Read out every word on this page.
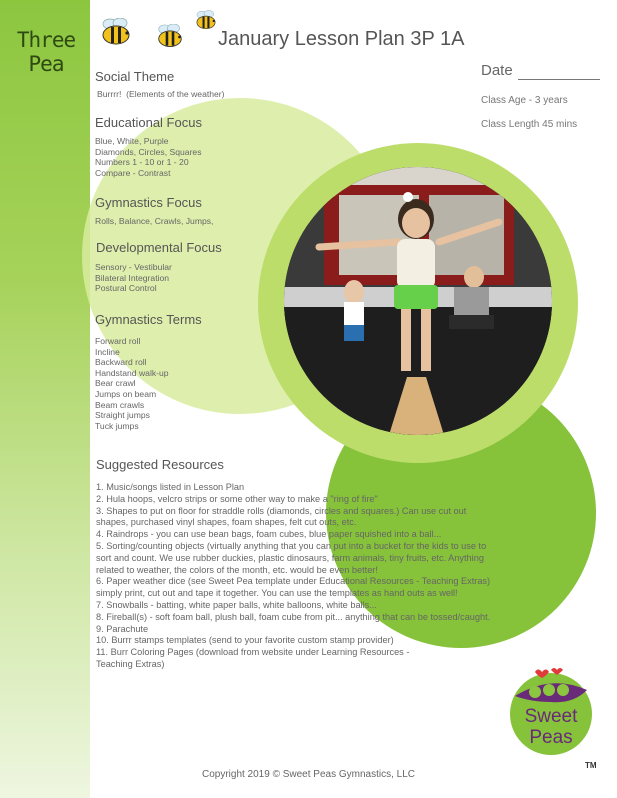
Three
Pea
January Lesson Plan 3P 1A
Date
Class Age - 3 years
Class Length 45 mins
Social Theme
Burrrr!  (Elements of the weather)
Educational Focus
Blue, White, Purple
Diamonds, Circles, Squares
Numbers 1 - 10 or 1 - 20
Compare - Contrast
Gymnastics Focus
Rolls, Balance, Crawls, Jumps,
Developmental Focus
Sensory - Vestibular
Bilateral Integration
Postural Control
Gymnastics Terms
Forward roll
Incline
Backward roll
Handstand walk-up
Bear crawl
Jumps on beam
Beam crawls
Straight jumps
Tuck jumps
Suggested Resources
1. Music/songs listed in Lesson Plan
2. Hula hoops, velcro strips or some other way to make a "ring of fire"
3. Shapes to put on floor for straddle rolls (diamonds, circles and squares.) Can use cut out
shapes, purchased vinyl shapes, foam shapes, felt cut outs, etc.
4. Raindrops - you can use bean bags, foam cubes, blue paper squished into a ball...
5. Sorting/counting objects (virtually anything that you can put into a bucket for the kids to use to
sort and count. We use rubber duckies, plastic dinosaurs, farm animals, tiny fruits, etc. Anything
related to weather, the colors of the month, etc. would be even better!
6. Paper weather dice (see Sweet Pea template under Educational Resources - Teaching Extras)
simply print, cut out and tape it together. You can use the templates as hand outs as well!
7. Snowballs - batting, white paper balls, white balloons, white balls...
8. Fireball(s) - soft foam ball, plush ball, foam cube from pit... anything that can be tossed/caught.
9. Parachute
10. Burrr stamps templates (send to your favorite custom stamp provider)
11. Burr Coloring Pages (download from website under Learning Resources -
Teaching Extras)
Sweet
Peas
TM
Copyright 2019 © Sweet Peas Gymnastics, LLC
